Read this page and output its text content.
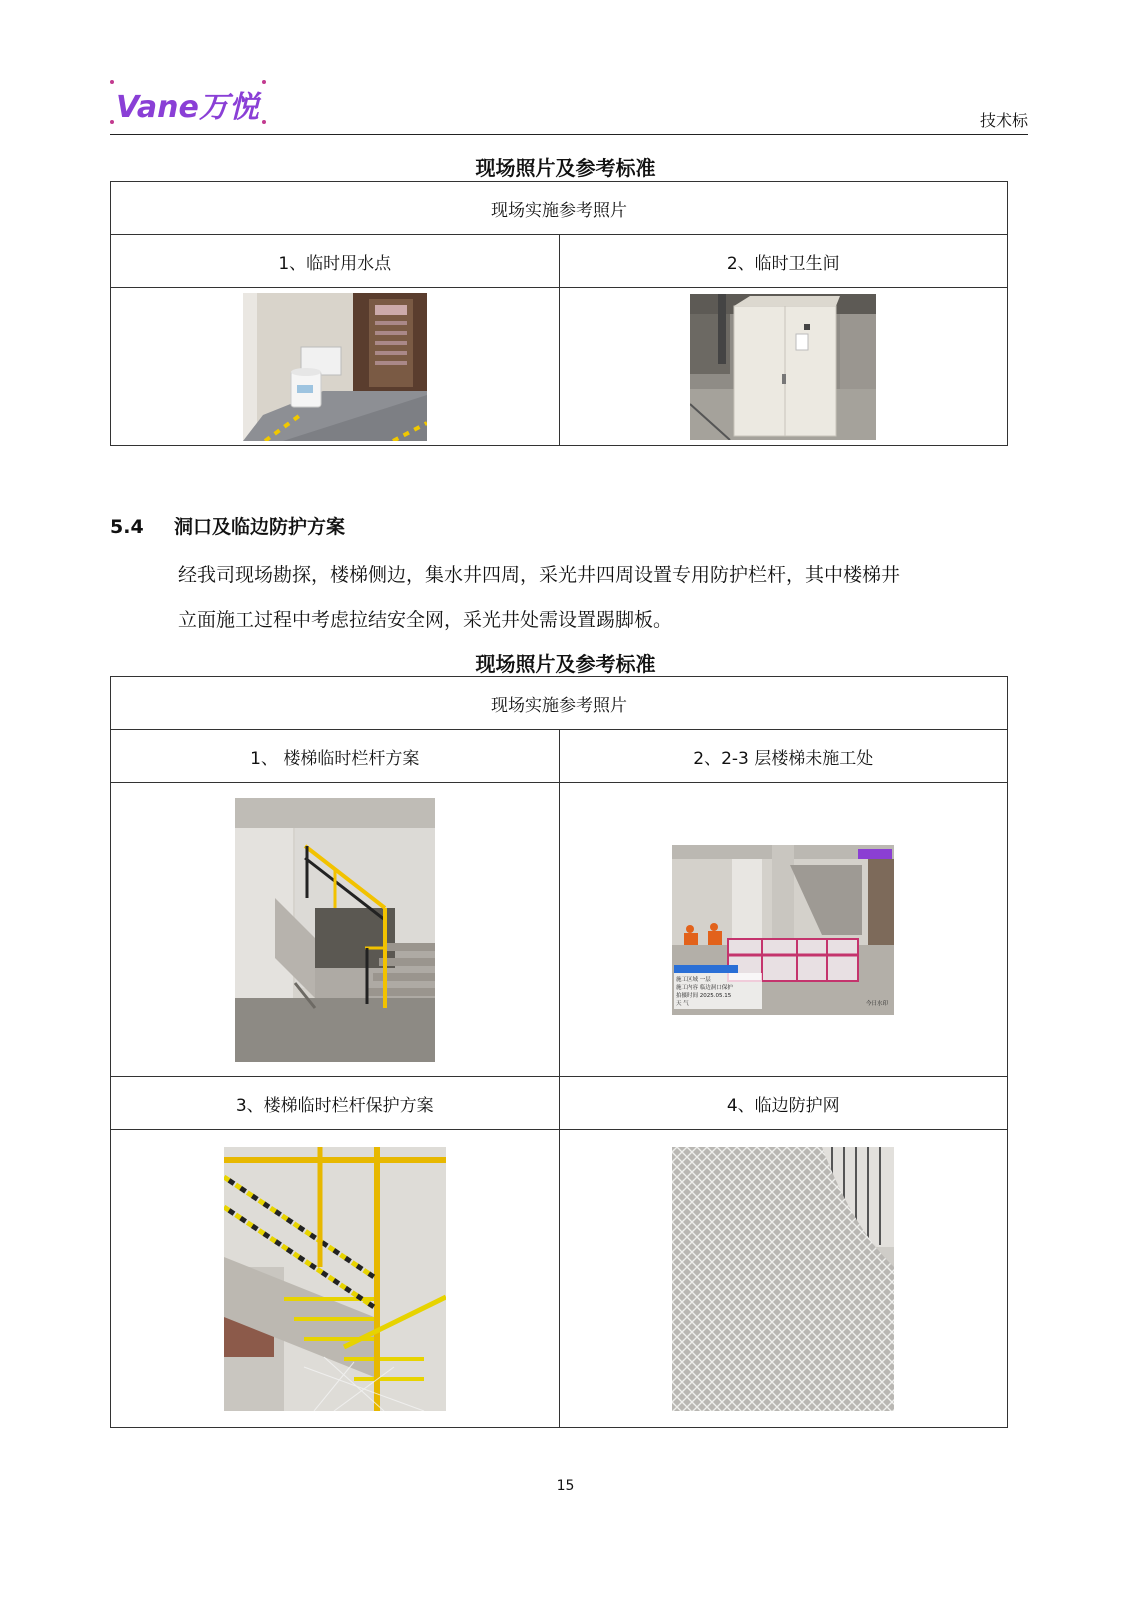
Vane万悦	技术标
现场照片及参考标准
现场实施参考照片	
1、临时用水点	2、临时卫生间

5.4 洞口及临边防护方案
经我司现场勘探，楼梯侧边，集水井四周，采光井四周设置专用防护栏杆，其中楼梯井
立面施工过程中考虑拉结安全网，采光井处需设置踢脚板。
现场照片及参考标准
现场实施参考照片	
1、 楼梯临时栏杆方案	2、2-3 层楼梯未施工处

施工区域 一层
施工内容 临边洞口保护
拍摄时间 2025.05.15
天 气 今日水印

3、楼梯临时栏杆保护方案	4、临边防护网

15
